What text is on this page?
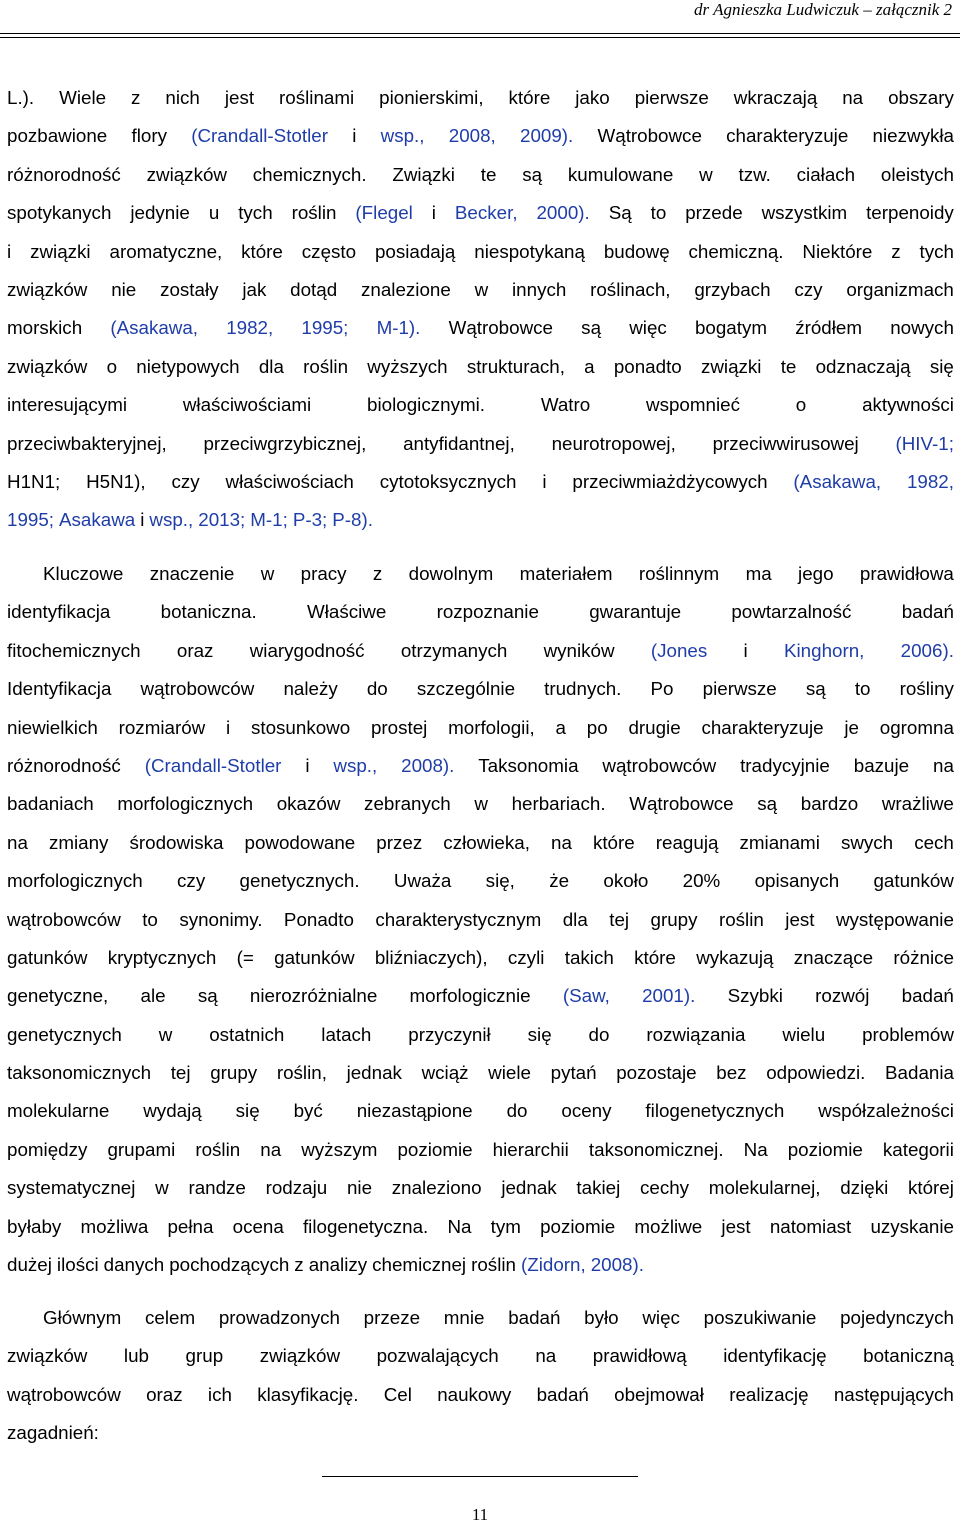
dr Agnieszka Ludwiczuk – załącznik 2
L.). Wiele z nich jest roślinami pionierskimi, które jako pierwsze wkraczają na obszary
pozbawione flory (Crandall-Stotler i wsp., 2008, 2009). Wątrobowce charakteryzuje niezwykła
różnorodność związków chemicznych. Związki te są kumulowane w tzw. ciałach oleistych
spotykanych jedynie u tych roślin (Flegel i Becker, 2000). Są to przede wszystkim terpenoidy
i związki aromatyczne, które często posiadają niespotykaną budowę chemiczną. Niektóre z tych
związków nie zostały jak dotąd znalezione w innych roślinach, grzybach czy organizmach
morskich (Asakawa, 1982, 1995; M-1). Wątrobowce są więc bogatym źródłem nowych
związków o nietypowych dla roślin wyższych strukturach, a ponadto związki te odznaczają się
interesującymi	właściwościami	biologicznymi.	Watro	wspomnieć	o	aktywności
przeciwbakteryjnej, przeciwgrzybicznej, antyfidantnej, neurotropowej, przeciwwirusowej (HIV-1;
H1N1; H5N1), czy właściwościach cytotoksycznych i przeciwmiażdżycowych (Asakawa, 1982,
1995; Asakawa i wsp., 2013; M-1; P-3; P-8).
Kluczowe znaczenie w pracy z dowolnym materiałem roślinnym ma jego prawidłowa
identyfikacja	botaniczna.	Właściwe	rozpoznanie	gwarantuje	powtarzalność	badań
fitochemicznych oraz wiarygodność otrzymanych wyników (Jones i Kinghorn, 2006).
Identyfikacja wątrobowców należy do szczególnie trudnych. Po pierwsze są to rośliny
niewielkich rozmiarów i stosunkowo prostej morfologii, a po drugie charakteryzuje je ogromna
różnorodność (Crandall-Stotler i wsp., 2008). Taksonomia wątrobowców tradycyjnie bazuje na
badaniach morfologicznych okazów zebranych w herbariach. Wątrobowce są bardzo wrażliwe
na zmiany środowiska powodowane przez człowieka, na które reagują zmianami swych cech
morfologicznych czy genetycznych. Uważa się, że około 20% opisanych gatunków
wątrobowców to synonimy. Ponadto charakterystycznym dla tej grupy roślin jest występowanie
gatunków kryptycznych (= gatunków bliźniaczych), czyli takich które wykazują znaczące różnice
genetyczne, ale są nierozróżnialne morfologicznie (Saw, 2001). Szybki rozwój badań
genetycznych w ostatnich latach przyczynił się do rozwiązania wielu problemów
taksonomicznych tej grupy roślin, jednak wciąż wiele pytań pozostaje bez odpowiedzi. Badania
molekularne wydają się być niezastąpione do oceny filogenetycznych współzależności
pomiędzy grupami roślin na wyższym poziomie hierarchii taksonomicznej. Na poziomie kategorii
systematycznej w randze rodzaju nie znaleziono jednak takiej cechy molekularnej, dzięki której
byłaby możliwa pełna ocena filogenetyczna. Na tym poziomie możliwe jest natomiast uzyskanie
dużej ilości danych pochodzących z analizy chemicznej roślin (Zidorn, 2008).
Głównym celem prowadzonych przeze mnie badań było więc poszukiwanie pojedynczych
związków lub grup związków pozwalających na prawidłową identyfikację botaniczną
wątrobowców oraz ich klasyfikację. Cel naukowy badań obejmował realizację następujących
zagadnień:
11
